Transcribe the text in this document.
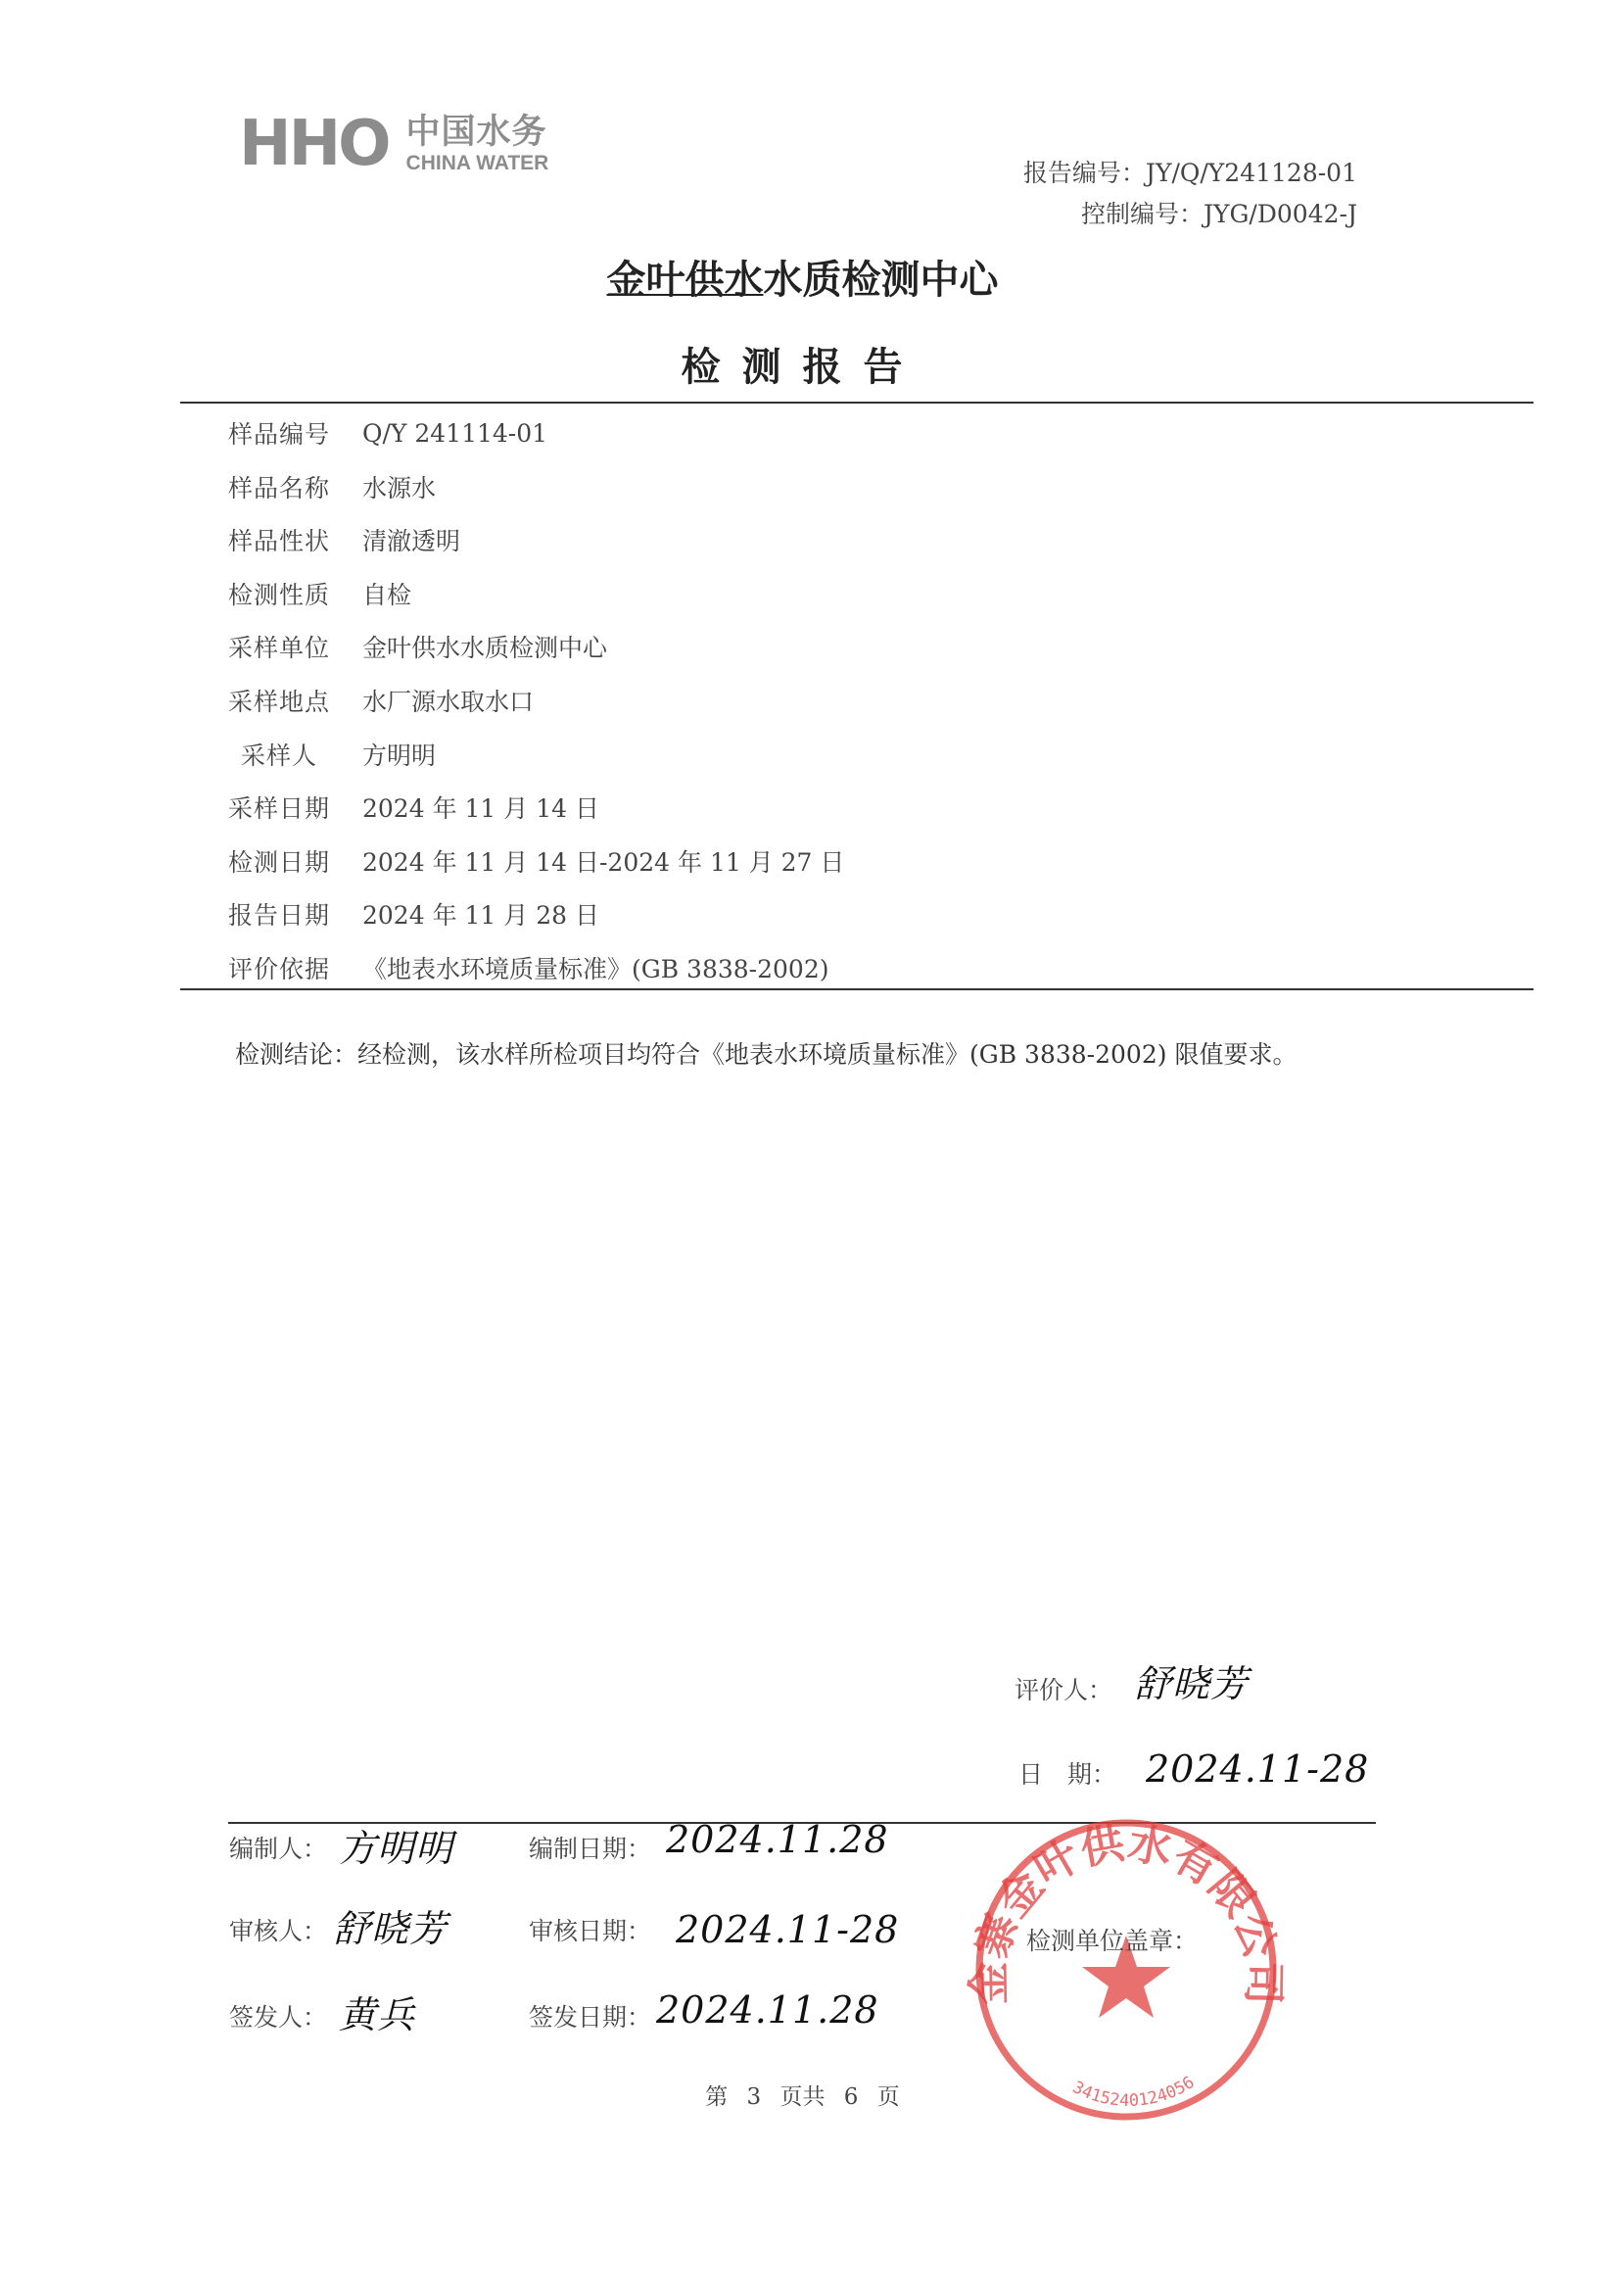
HHO 中国水务
CHINA WATER	报告编号：JY/Q/Y241128-01
控制编号：JYG/D0042-J
金叶供水水质检测中心
检测报告
样品编号	Q/Y 241114-01
样品名称	水源水
样品性状	清澈透明
检测性质	自检
采样单位	金叶供水水质检测中心
采样地点	水厂源水取水口
采样人	方明明
采样日期	2024 年 11 月 14 日
检测日期	2024 年 11 月 14 日-2024 年 11 月 27 日
报告日期	2024 年 11 月 28 日
评价依据	《地表水环境质量标准》(GB 3838-2002)
检测结论：经检测，该水样所检项目均符合《地表水环境质量标准》(GB 3838-2002) 限值要求。
评价人： 舒晓芳
日　期： 2024.11-28
金寨金叶供水有限公司
3415240124056
检测单位盖章：
编制人： 方明明	编制日期： 2024.11.28
审核人： 舒晓芳	审核日期： 2024.11-28
签发人： 黄兵	签发日期： 2024.11.28
第 3 页共 6 页
